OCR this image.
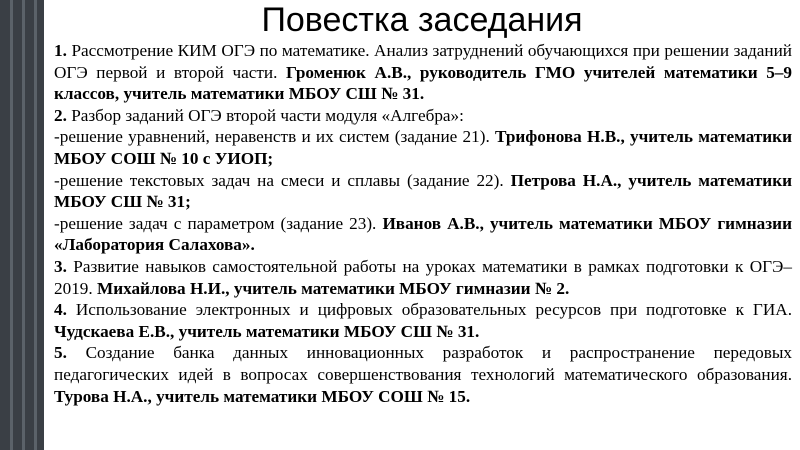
Повестка заседания

1. Рассмотрение КИМ ОГЭ по математике. Анализ затруднений обучающихся при решении заданий ОГЭ первой и второй части. Громенюк А.В., руководитель ГМО учителей математики 5–9 классов, учитель математики МБОУ СШ № 31.

2. Разбор заданий ОГЭ второй части модуля «Алгебра»:

-решение уравнений, неравенств и их систем (задание 21). Трифонова Н.В., учитель математики МБОУ СОШ № 10 с УИОП;

-решение текстовых задач на смеси и сплавы (задание 22). Петрова Н.А., учитель математики МБОУ СШ № 31;

-решение задач с параметром (задание 23). Иванов А.В., учитель математики МБОУ гимназии «Лаборатория Салахова».

3. Развитие навыков самостоятельной работы на уроках математики в рамках подготовки к ОГЭ–2019. Михайлова Н.И., учитель математики МБОУ гимназии № 2.

4. Использование электронных и цифровых образовательных ресурсов при подготовке к ГИА. Чудскаева Е.В., учитель математики МБОУ СШ № 31.

5. Создание банка данных инновационных разработок и распространение передовых педагогических идей в вопросах совершенствования технологий математического образования. Турова Н.А., учитель математики МБОУ СОШ № 15.
